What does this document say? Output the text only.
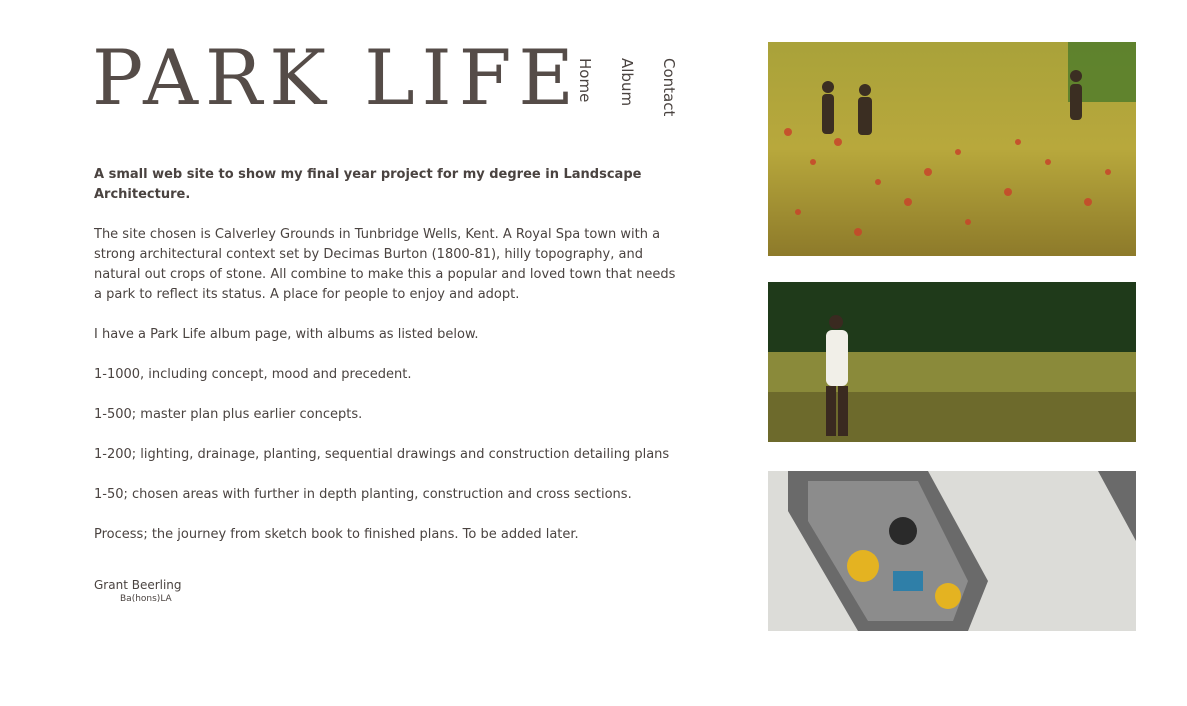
PARK LIFE
Home Album Contact

A small web site to show my final year project for my degree in Landscape Architecture.

The site chosen is Calverley Grounds in Tunbridge Wells, Kent. A Royal Spa town with a strong architectural context set by Decimas Burton (1800-81), hilly topography, and natural out crops of stone. All combine to make this a popular and loved town that needs a park to reflect its status. A place for people to enjoy and adopt.

I have a Park Life album page, with albums as listed below.

1-1000, including concept, mood and precedent.

1-500; master plan plus earlier concepts.

1-200; lighting, drainage, planting, sequential drawings and construction detailing plans

1-50; chosen areas with further in depth planting, construction and cross sections.

Process; the journey from sketch book to finished plans. To be added later.

Grant Beerling
Ba(hons)LA
